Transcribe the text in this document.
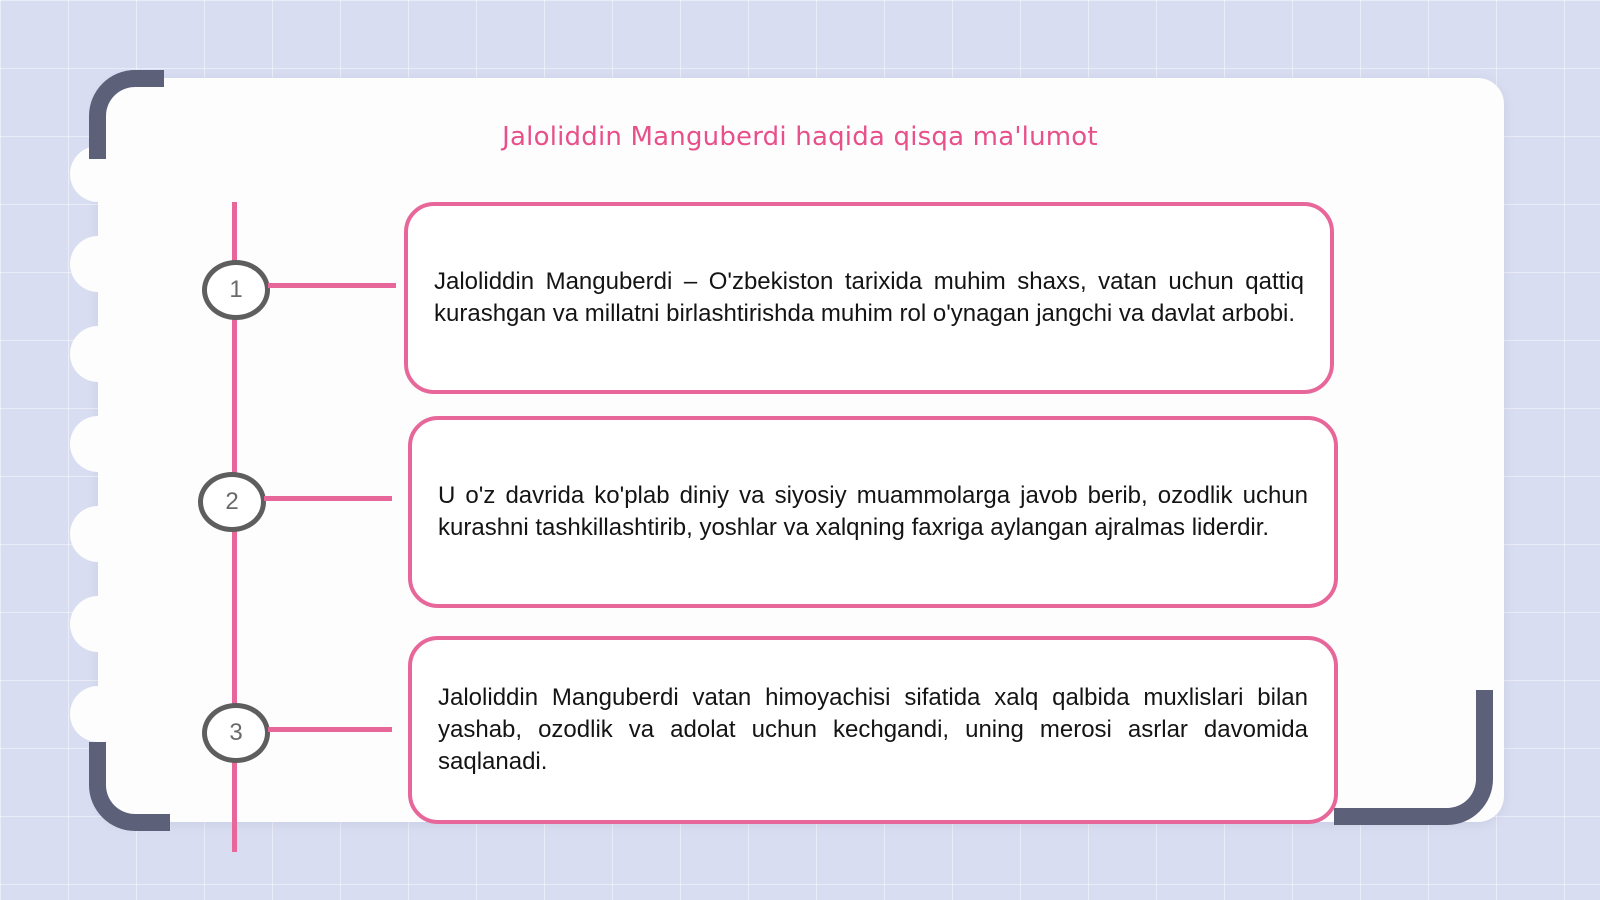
Jaloliddin Manguberdi haqida qisqa ma'lumot
1	Jaloliddin Manguberdi – O'zbekiston tarixida muhim shaxs, vatan uchun qattiq kurashgan va millatni birlashtirishda muhim rol o'ynagan jangchi va davlat arbobi.

2	U o'z davrida ko'plab diniy va siyosiy muammolarga javob berib, ozodlik uchun kurashni tashkillashtirib, yoshlar va xalqning faxriga aylangan ajralmas liderdir.

3

Jaloliddin Manguberdi vatan himoyachisi sifatida xalq qalbida muxlislari bilan yashab, ozodlik va adolat uchun kechgandi, uning merosi asrlar davomida saqlanadi.
